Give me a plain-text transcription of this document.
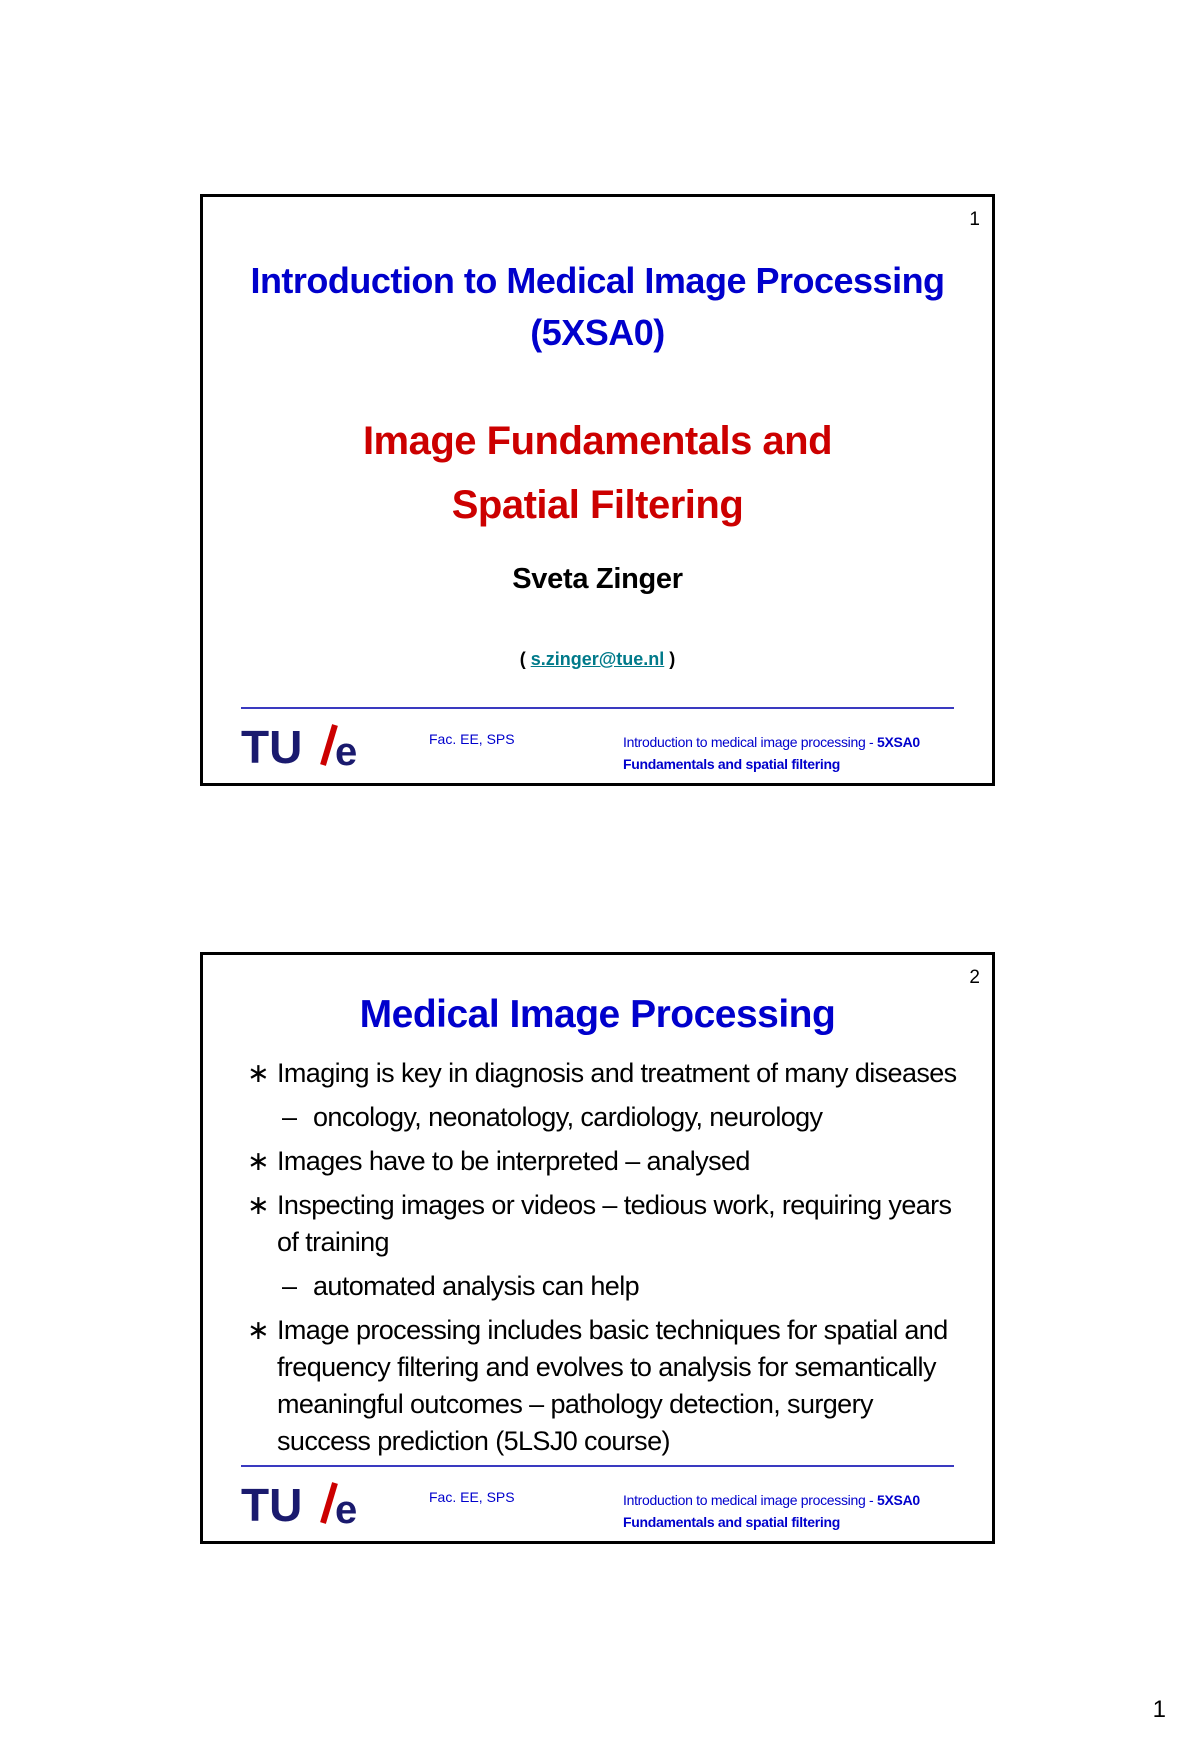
1
Introduction to Medical Image Processing
(5XSA0)
Image Fundamentals and
Spatial Filtering
Sveta Zinger
( s.zinger@tue.nl )
TU e	Fac. EE, SPS	Introduction to medical image processing - 5XSA0
Fundamentals and spatial filtering
2
Medical Image Processing
∗ Imaging is key in diagnosis and treatment of many diseases
– oncology, neonatology, cardiology, neurology
∗ Images have to be interpreted – analysed
∗ Inspecting images or videos – tedious work, requiring years of training
– automated analysis can help
∗ Image processing includes basic techniques for spatial and frequency filtering and evolves to analysis for semantically meaningful outcomes – pathology detection, surgery success prediction (5LSJ0 course)
TU e	Fac. EE, SPS	Introduction to medical image processing - 5XSA0
Fundamentals and spatial filtering
1
